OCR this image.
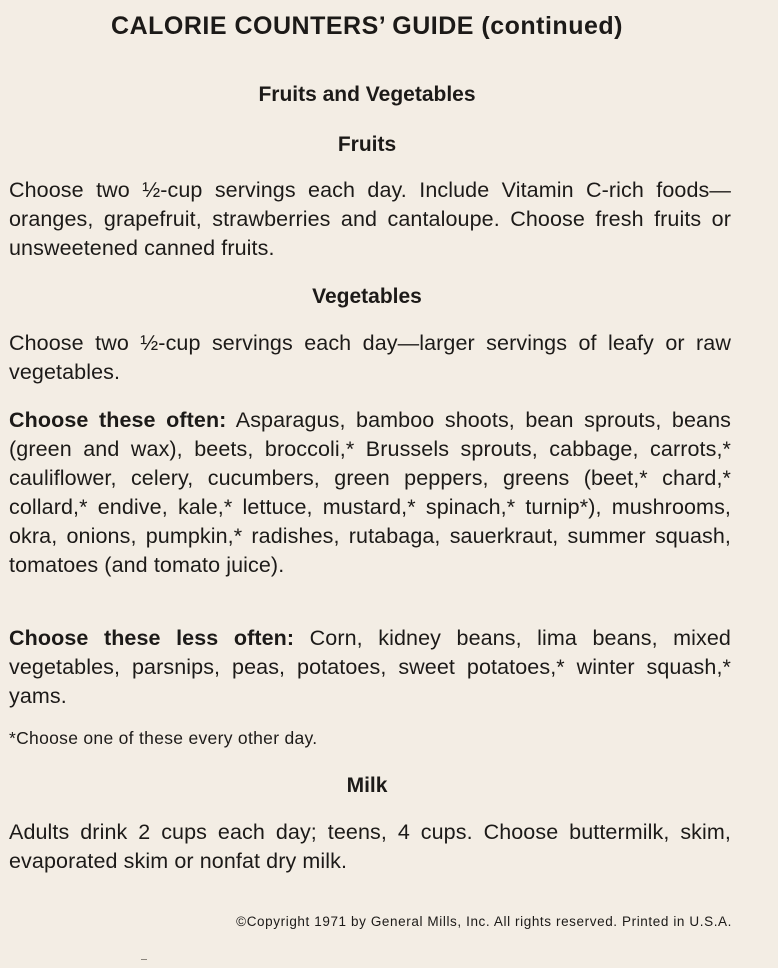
CALORIE COUNTERS’ GUIDE (continued)
Fruits and Vegetables
Fruits

Choose two ½-cup servings each day. Include Vitamin C-rich foods—oranges, grapefruit, strawberries and cantaloupe. Choose fresh fruits or unsweetened canned fruits.

Vegetables

Choose two ½-cup servings each day—larger servings of leafy or raw vegetables.

Choose these often: Asparagus, bamboo shoots, bean sprouts, beans (green and wax), beets, broccoli,* Brussels sprouts, cabbage, carrots,* cauliflower, celery, cucumbers, green peppers, greens (beet,* chard,* collard,* endive, kale,* lettuce, mustard,* spinach,* turnip*), mushrooms, okra, onions, pumpkin,* radishes, rutabaga, sauerkraut, summer squash, tomatoes (and tomato juice).

Choose these less often: Corn, kidney beans, lima beans, mixed vegetables, parsnips, peas, potatoes, sweet potatoes,* winter squash,* yams.

*Choose one of these every other day.

Milk

Adults drink 2 cups each day; teens, 4 cups. Choose buttermilk, skim, evaporated skim or nonfat dry milk.

©Copyright 1971 by General Mills, Inc. All rights reserved. Printed in U.S.A.
